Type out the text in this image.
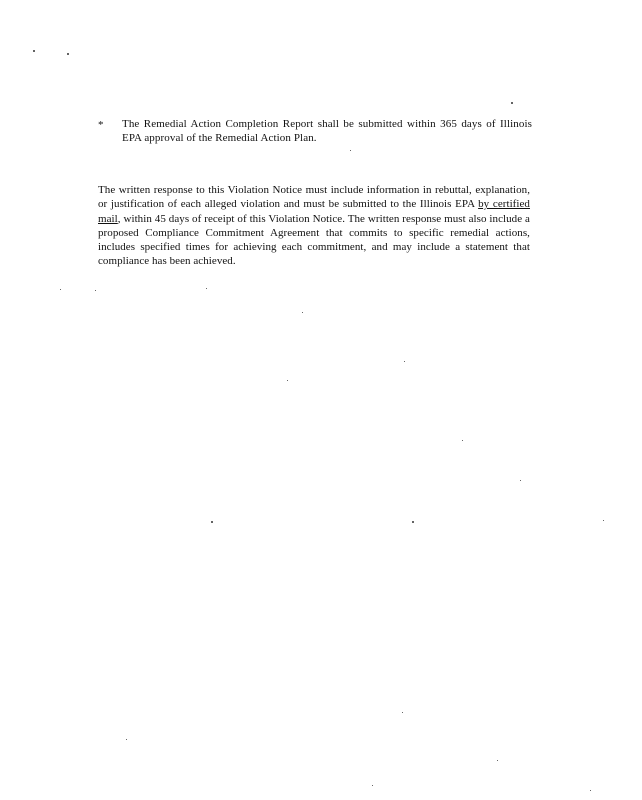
*	The Remedial Action Completion Report shall be submitted within 365 days of Illinois EPA approval of the Remedial Action Plan.
The written response to this Violation Notice must include information in rebuttal, explanation, or justification of each alleged violation and must be submitted to the Illinois EPA by certified mail, within 45 days of receipt of this Violation Notice. The written response must also include a proposed Compliance Commitment Agreement that commits to specific remedial actions, includes specified times for achieving each commitment, and may include a statement that compliance has been achieved.
